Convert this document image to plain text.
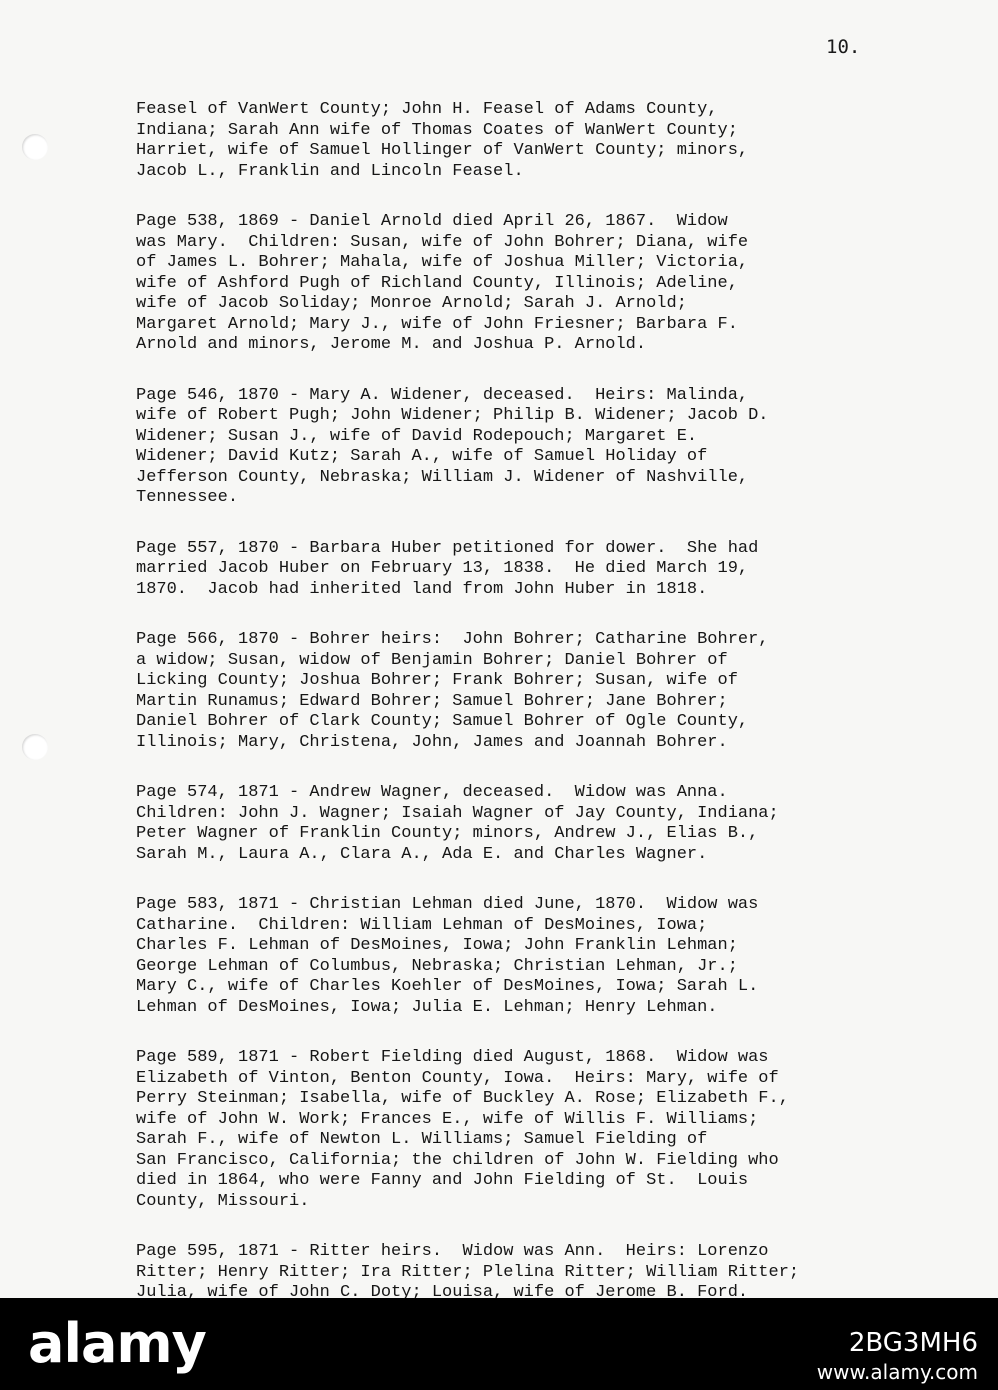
10.
Feasel of VanWert County; John H. Feasel of Adams County,
Indiana; Sarah Ann wife of Thomas Coates of WanWert County;
Harriet, wife of Samuel Hollinger of VanWert County; minors,
Jacob L., Franklin and Lincoln Feasel.
Page 538, 1869 - Daniel Arnold died April 26, 1867.  Widow
was Mary.  Children: Susan, wife of John Bohrer; Diana, wife
of James L. Bohrer; Mahala, wife of Joshua Miller; Victoria,
wife of Ashford Pugh of Richland County, Illinois; Adeline,
wife of Jacob Soliday; Monroe Arnold; Sarah J. Arnold;
Margaret Arnold; Mary J., wife of John Friesner; Barbara F.
Arnold and minors, Jerome M. and Joshua P. Arnold.
Page 546, 1870 - Mary A. Widener, deceased.  Heirs: Malinda,
wife of Robert Pugh; John Widener; Philip B. Widener; Jacob D.
Widener; Susan J., wife of David Rodepouch; Margaret E.
Widener; David Kutz; Sarah A., wife of Samuel Holiday of
Jefferson County, Nebraska; William J. Widener of Nashville,
Tennessee.
Page 557, 1870 - Barbara Huber petitioned for dower.  She had
married Jacob Huber on February 13, 1838.  He died March 19,
1870.  Jacob had inherited land from John Huber in 1818.
Page 566, 1870 - Bohrer heirs:  John Bohrer; Catharine Bohrer,
a widow; Susan, widow of Benjamin Bohrer; Daniel Bohrer of
Licking County; Joshua Bohrer; Frank Bohrer; Susan, wife of
Martin Runamus; Edward Bohrer; Samuel Bohrer; Jane Bohrer;
Daniel Bohrer of Clark County; Samuel Bohrer of Ogle County,
Illinois; Mary, Christena, John, James and Joannah Bohrer.
Page 574, 1871 - Andrew Wagner, deceased.  Widow was Anna.
Children: John J. Wagner; Isaiah Wagner of Jay County, Indiana;
Peter Wagner of Franklin County; minors, Andrew J., Elias B.,
Sarah M., Laura A., Clara A., Ada E. and Charles Wagner.
Page 583, 1871 - Christian Lehman died June, 1870.  Widow was
Catharine.  Children: William Lehman of DesMoines, Iowa;
Charles F. Lehman of DesMoines, Iowa; John Franklin Lehman;
George Lehman of Columbus, Nebraska; Christian Lehman, Jr.;
Mary C., wife of Charles Koehler of DesMoines, Iowa; Sarah L.
Lehman of DesMoines, Iowa; Julia E. Lehman; Henry Lehman.
Page 589, 1871 - Robert Fielding died August, 1868.  Widow was
Elizabeth of Vinton, Benton County, Iowa.  Heirs: Mary, wife of
Perry Steinman; Isabella, wife of Buckley A. Rose; Elizabeth F.,
wife of John W. Work; Frances E., wife of Willis F. Williams;
Sarah F., wife of Newton L. Williams; Samuel Fielding of
San Francisco, California; the children of John W. Fielding who
died in 1864, who were Fanny and John Fielding of St.  Louis
County, Missouri.
Page 595, 1871 - Ritter heirs.  Widow was Ann.  Heirs: Lorenzo
Ritter; Henry Ritter; Ira Ritter; Plelina Ritter; William Ritter;
Julia, wife of John C. Doty; Louisa, wife of Jerome B. Ford.
alamy	2BG3MH6
www.alamy.com
